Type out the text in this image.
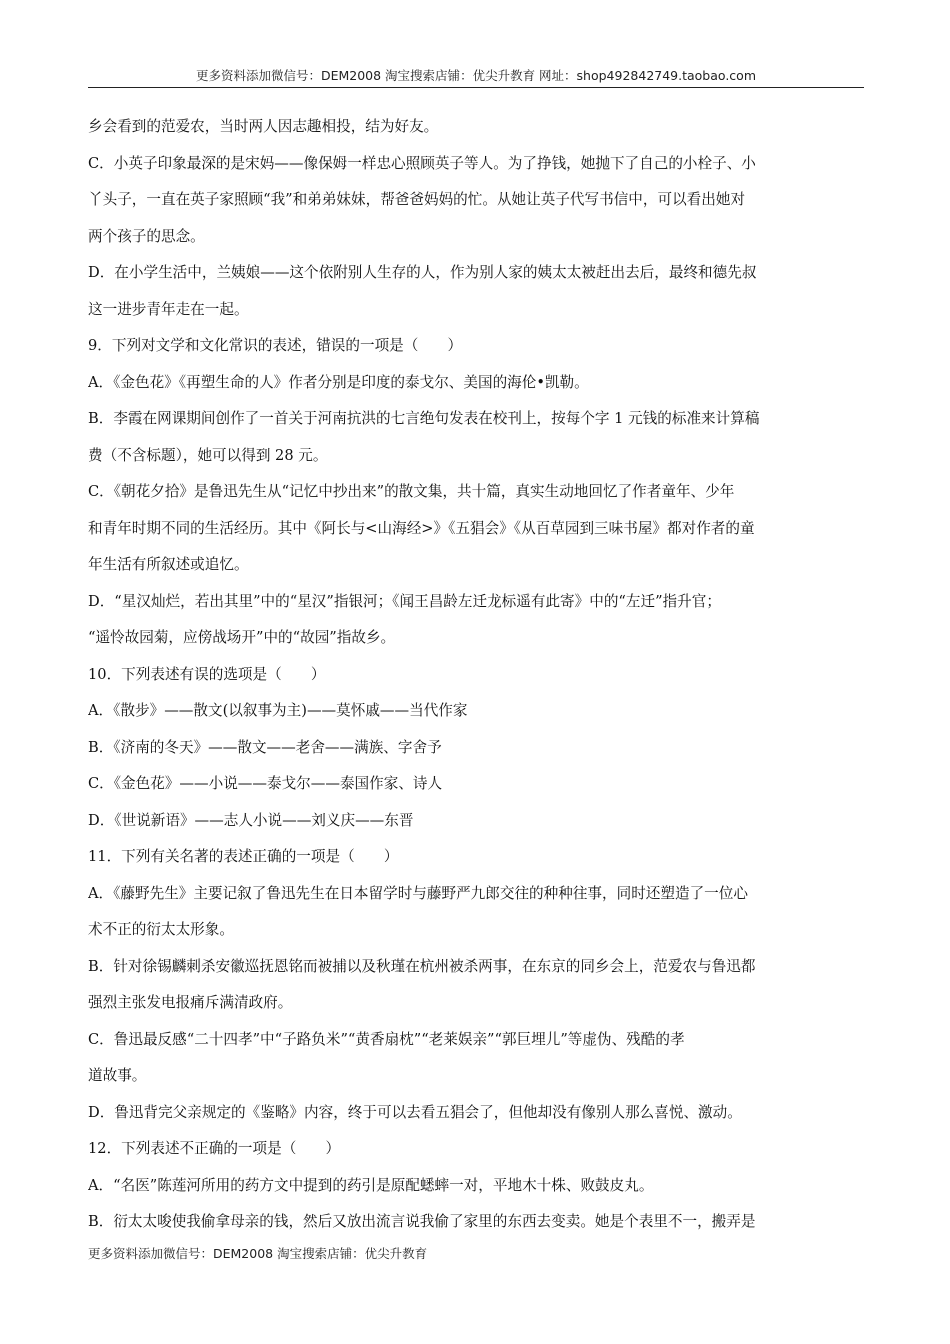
更多资料添加微信号：DEM2008 淘宝搜索店铺：优尖升教育 网址：shop492842749.taobao.com
乡会看到的范爱农，当时两人因志趣相投，结为好友。
C．小英子印象最深的是宋妈——像保姆一样忠心照顾英子等人。为了挣钱，她抛下了自己的小栓子、小
丫头子，一直在英子家照顾“我”和弟弟妹妹，帮爸爸妈妈的忙。从她让英子代写书信中，可以看出她对
两个孩子的思念。
D．在小学生活中，兰姨娘——这个依附别人生存的人，作为别人家的姨太太被赶出去后，最终和德先叔
这一进步青年走在一起。
9．下列对文学和文化常识的表述，错误的一项是（　　）
A．《金色花》《再塑生命的人》作者分别是印度的泰戈尔、美国的海伦•凯勒。
B．李霞在网课期间创作了一首关于河南抗洪的七言绝句发表在校刊上，按每个字 1 元钱的标准来计算稿
费（不含标题），她可以得到 28 元。
C．《朝花夕拾》是鲁迅先生从“记忆中抄出来”的散文集，共十篇，真实生动地回忆了作者童年、少年
和青年时期不同的生活经历。其中《阿长与<山海经>》《五猖会》《从百草园到三味书屋》都对作者的童
年生活有所叙述或追忆。
D．“星汉灿烂，若出其里”中的“星汉”指银河；《闻王昌龄左迁龙标遥有此寄》中的“左迁”指升官；
“遥怜故园菊，应傍战场开”中的“故园”指故乡。
10．下列表述有误的选项是（　　）
A．《散步》——散文(以叙事为主)——莫怀戚——当代作家
B．《济南的冬天》——散文——老舍——满族、字舍予
C．《金色花》——小说——泰戈尔——泰国作家、诗人
D．《世说新语》——志人小说——刘义庆——东晋
11．下列有关名著的表述正确的一项是（　　）
A．《藤野先生》主要记叙了鲁迅先生在日本留学时与藤野严九郎交往的种种往事，同时还塑造了一位心
术不正的衍太太形象。
B．针对徐锡麟刺杀安徽巡抚恩铭而被捕以及秋瑾在杭州被杀两事，在东京的同乡会上，范爱农与鲁迅都
强烈主张发电报痛斥满清政府。
C．鲁迅最反感“二十四孝”中“子路负米”“黄香扇枕”“老莱娱亲”“郭巨埋儿”等虚伪、残酷的孝
道故事。
D．鲁迅背完父亲规定的《鉴略》内容，终于可以去看五猖会了，但他却没有像别人那么喜悦、激动。
12．下列表述不正确的一项是（　　）
A．“名医”陈莲河所用的药方文中提到的药引是原配蟋蟀一对，平地木十株、败鼓皮丸。
B．衍太太唆使我偷拿母亲的钱，然后又放出流言说我偷了家里的东西去变卖。她是个表里不一，搬弄是
更多资料添加微信号：DEM2008 淘宝搜索店铺：优尖升教育
